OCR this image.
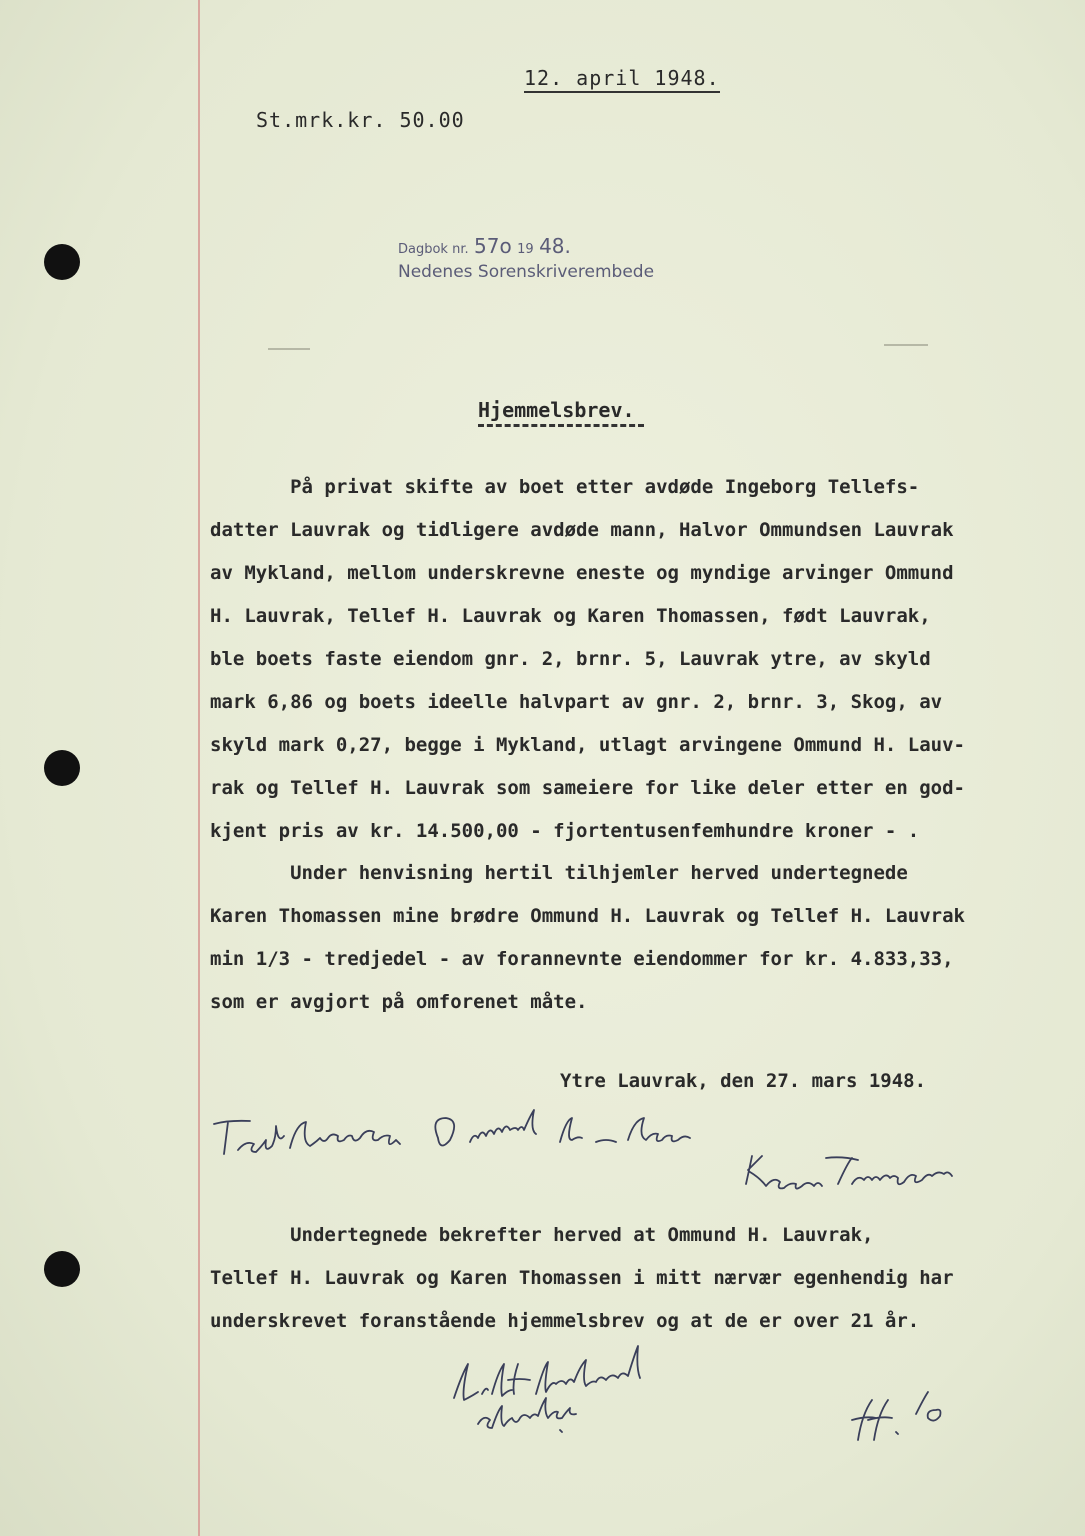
12. april 1948.
St.mrk.kr. 50.00
Dagbok nr. 57o 19 48.
Nedenes Sorenskriverembede
Hjemmelsbrev.
På privat skifte av boet etter avdøde Ingeborg Tellefs-
datter Lauvrak og tidligere avdøde mann, Halvor Ommundsen Lauvrak
av Mykland, mellom underskrevne eneste og myndige arvinger Ommund
H. Lauvrak, Tellef H. Lauvrak og Karen Thomassen, født Lauvrak,
ble boets faste eiendom gnr. 2, brnr. 5, Lauvrak ytre, av skyld
mark 6,86 og boets ideelle halvpart av gnr. 2, brnr. 3, Skog, av
skyld mark 0,27, begge i Mykland, utlagt arvingene Ommund H. Lauv-
rak og Tellef H. Lauvrak som sameiere for like deler etter en god-
kjent pris av kr. 14.500,00 - fjortentusenfemhundre kroner - .
Under henvisning hertil tilhjemler herved undertegnede
Karen Thomassen mine brødre Ommund H. Lauvrak og Tellef H. Lauvrak
min 1/3 - tredjedel - av forannevnte eiendommer for kr. 4.833,33,
som er avgjort på omforenet måte.
Ytre Lauvrak, den 27. mars 1948.
Undertegnede bekrefter herved at Ommund H. Lauvrak,
Tellef H. Lauvrak og Karen Thomassen i mitt nærvær egenhendig har
underskrevet foranstående hjemmelsbrev og at de er over 21 år.
